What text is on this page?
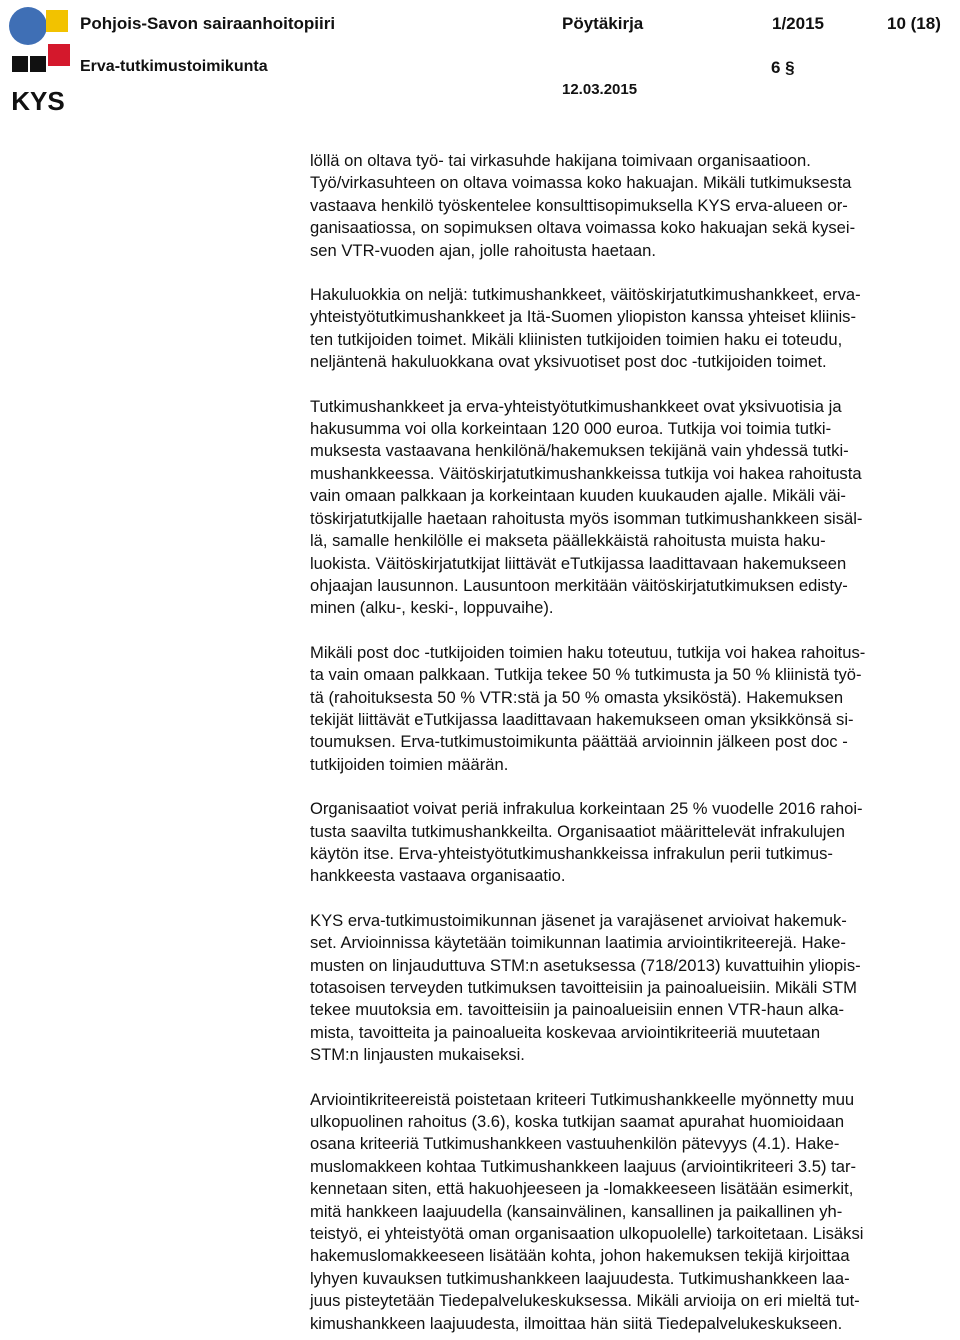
KYS
Pohjois-Savon sairaanhoitopiiri	Pöytäkirja	1/2015	10 (18)
Erva-tutkimustoimikunta	6 §
12.03.2015

löllä on oltava työ- tai virkasuhde hakijana toimivaan organisaatioon.
Työ/virkasuhteen on oltava voimassa koko hakuajan. Mikäli tutkimuksesta
vastaava henkilö työskentelee konsulttisopimuksella KYS erva-alueen or-
ganisaatiossa, on sopimuksen oltava voimassa koko hakuajan sekä kysei-
sen VTR-vuoden ajan, jolle rahoitusta haetaan.

Hakuluokkia on neljä: tutkimushankkeet, väitöskirjatutkimushankkeet, erva-
yhteistyötutkimushankkeet ja Itä-Suomen yliopiston kanssa yhteiset kliinis-
ten tutkijoiden toimet. Mikäli kliinisten tutkijoiden toimien haku ei toteudu,
neljäntenä hakuluokkana ovat yksivuotiset post doc -tutkijoiden toimet.

Tutkimushankkeet ja erva-yhteistyötutkimushankkeet ovat yksivuotisia ja
hakusumma voi olla korkeintaan 120 000 euroa. Tutkija voi toimia tutki-
muksesta vastaavana henkilönä/hakemuksen tekijänä vain yhdessä tutki-
mushankkeessa. Väitöskirjatutkimushankkeissa tutkija voi hakea rahoitusta
vain omaan palkkaan ja korkeintaan kuuden kuukauden ajalle. Mikäli väi-
töskirjatutkijalle haetaan rahoitusta myös isomman tutkimushankkeen sisäl-
lä, samalle henkilölle ei makseta päällekkäistä rahoitusta muista haku-
luokista. Väitöskirjatutkijat liittävät eTutkijassa laadittavaan hakemukseen
ohjaajan lausunnon. Lausuntoon merkitään väitöskirjatutkimuksen edisty-
minen (alku-, keski-, loppuvaihe).

Mikäli post doc -tutkijoiden toimien haku toteutuu, tutkija voi hakea rahoitus-
ta vain omaan palkkaan. Tutkija tekee 50 % tutkimusta ja 50 % kliinistä työ-
tä (rahoituksesta 50 % VTR:stä ja 50 % omasta yksiköstä). Hakemuksen
tekijät liittävät eTutkijassa laadittavaan hakemukseen oman yksikkönsä si-
toumuksen. Erva-tutkimustoimikunta päättää arvioinnin jälkeen post doc -
tutkijoiden toimien määrän.

Organisaatiot voivat periä infrakulua korkeintaan 25 % vuodelle 2016 rahoi-
tusta saavilta tutkimushankkeilta. Organisaatiot määrittelevät infrakulujen
käytön itse. Erva-yhteistyötutkimushankkeissa infrakulun perii tutkimus-
hankkeesta vastaava organisaatio.

KYS erva-tutkimustoimikunnan jäsenet ja varajäsenet arvioivat hakemuk-
set. Arvioinnissa käytetään toimikunnan laatimia arviointikriteerejä. Hake-
musten on linjauduttuva STM:n asetuksessa (718/2013) kuvattuihin yliopis-
totasoisen terveyden tutkimuksen tavoitteisiin ja painoalueisiin. Mikäli STM
tekee muutoksia em. tavoitteisiin ja painoalueisiin ennen VTR-haun alka-
mista, tavoitteita ja painoalueita koskevaa arviointikriteeriä muutetaan
STM:n linjausten mukaiseksi.

Arviointikriteereistä poistetaan kriteeri Tutkimushankkeelle myönnetty muu
ulkopuolinen rahoitus (3.6), koska tutkijan saamat apurahat huomioidaan
osana kriteeriä Tutkimushankkeen vastuuhenkilön pätevyys (4.1). Hake-
muslomakkeen kohtaa Tutkimushankkeen laajuus (arviointikriteeri 3.5) tar-
kennetaan siten, että hakuohjeeseen ja -lomakkeeseen lisätään esimerkit,
mitä hankkeen laajuudella (kansainvälinen, kansallinen ja paikallinen yh-
teistyö, ei yhteistyötä oman organisaation ulkopuolelle) tarkoitetaan. Lisäksi
hakemuslomakkeeseen lisätään kohta, johon hakemuksen tekijä kirjoittaa
lyhyen kuvauksen tutkimushankkeen laajuudesta. Tutkimushankkeen laa-
juus pisteytetään Tiedepalvelukeskuksessa. Mikäli arvioija on eri mieltä tut-
kimushankkeen laajuudesta, ilmoittaa hän siitä Tiedepalvelukeskukseen.
